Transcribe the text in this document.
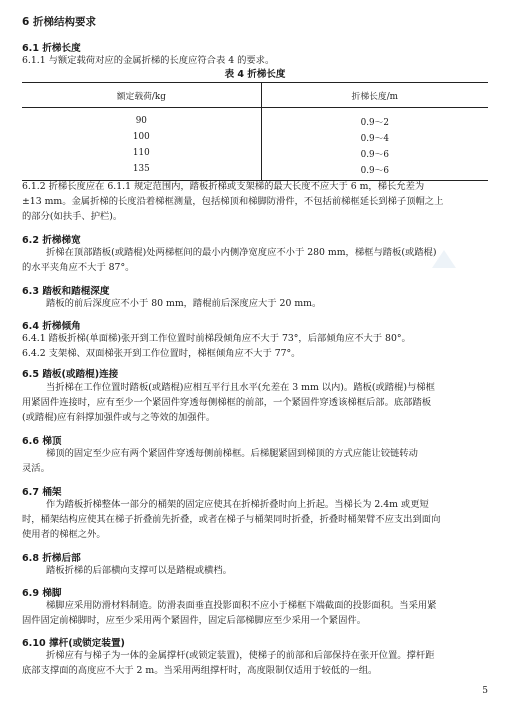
6 折梯结构要求
6.1 折梯长度
6.1.1 与额定载荷对应的金属折梯的长度应符合表 4 的要求。
表 4 折梯长度
额定载荷/kg	折梯长度/m
90	0.9～2
100	0.9～4
110	0.9～6
135	0.9～6
6.1.2 折梯长度应在 6.1.1 规定范围内，踏板折梯或支架梯的最大长度不应大于 6 m，梯长允差为
±13 mm。金属折梯的长度沿着梯框测量，包括梯顶和梯脚防滑件，不包括前梯框延长到梯子顶帽之上
的部分(如扶手、护栏)。
6.2 折梯梯宽
折梯在顶部踏板(或踏棍)处两梯框间的最小内侧净宽度应不小于 280 mm，梯框与踏板(或踏棍)
的水平夹角应不大于 87°。
6.3 踏板和踏棍深度
踏板的前后深度应不小于 80 mm，踏棍前后深度应大于 20 mm。
6.4 折梯倾角
6.4.1 踏板折梯(单面梯)张开到工作位置时前梯段倾角应不大于 73°，后部倾角应不大于 80°。
6.4.2 支架梯、双面梯张开到工作位置时，梯框倾角应不大于 77°。
6.5 踏板(或踏棍)连接
当折梯在工作位置时踏板(或踏棍)应相互平行且水平(允差在 3 mm 以内)。踏板(或踏棍)与梯框
用紧固件连接时，应有至少一个紧固件穿透每侧梯框的前部，一个紧固件穿透该梯框后部。底部踏板
(或踏棍)应有斜撑加强件或与之等效的加强件。
6.6 梯顶
梯顶的固定至少应有两个紧固件穿透每侧前梯框。后梯腿紧固到梯顶的方式应能让铰链转动
灵活。
6.7 桶架
作为踏板折梯整体一部分的桶架的固定应使其在折梯折叠时向上折起。当梯长为 2.4m 或更短
时，桶架结构应使其在梯子折叠前先折叠，或者在梯子与桶架同时折叠，折叠时桶架臂不应支出到面向
使用者的梯框之外。
6.8 折梯后部
踏板折梯的后部横向支撑可以是踏棍或横档。
6.9 梯脚
梯脚应采用防滑材料制造。防滑表面垂直投影面积不应小于梯框下端截面的投影面积。当采用紧
固件固定前梯脚时，应至少采用两个紧固件，固定后部梯脚应至少采用一个紧固件。
6.10 撑杆(或锁定装置)
折梯应有与梯子为一体的金属撑杆(或锁定装置)，使梯子的前部和后部保持在张开位置。撑杆距
底部支撑面的高度应不大于 2 m。当采用两组撑杆时，高度限制仅适用于较低的一组。
5
